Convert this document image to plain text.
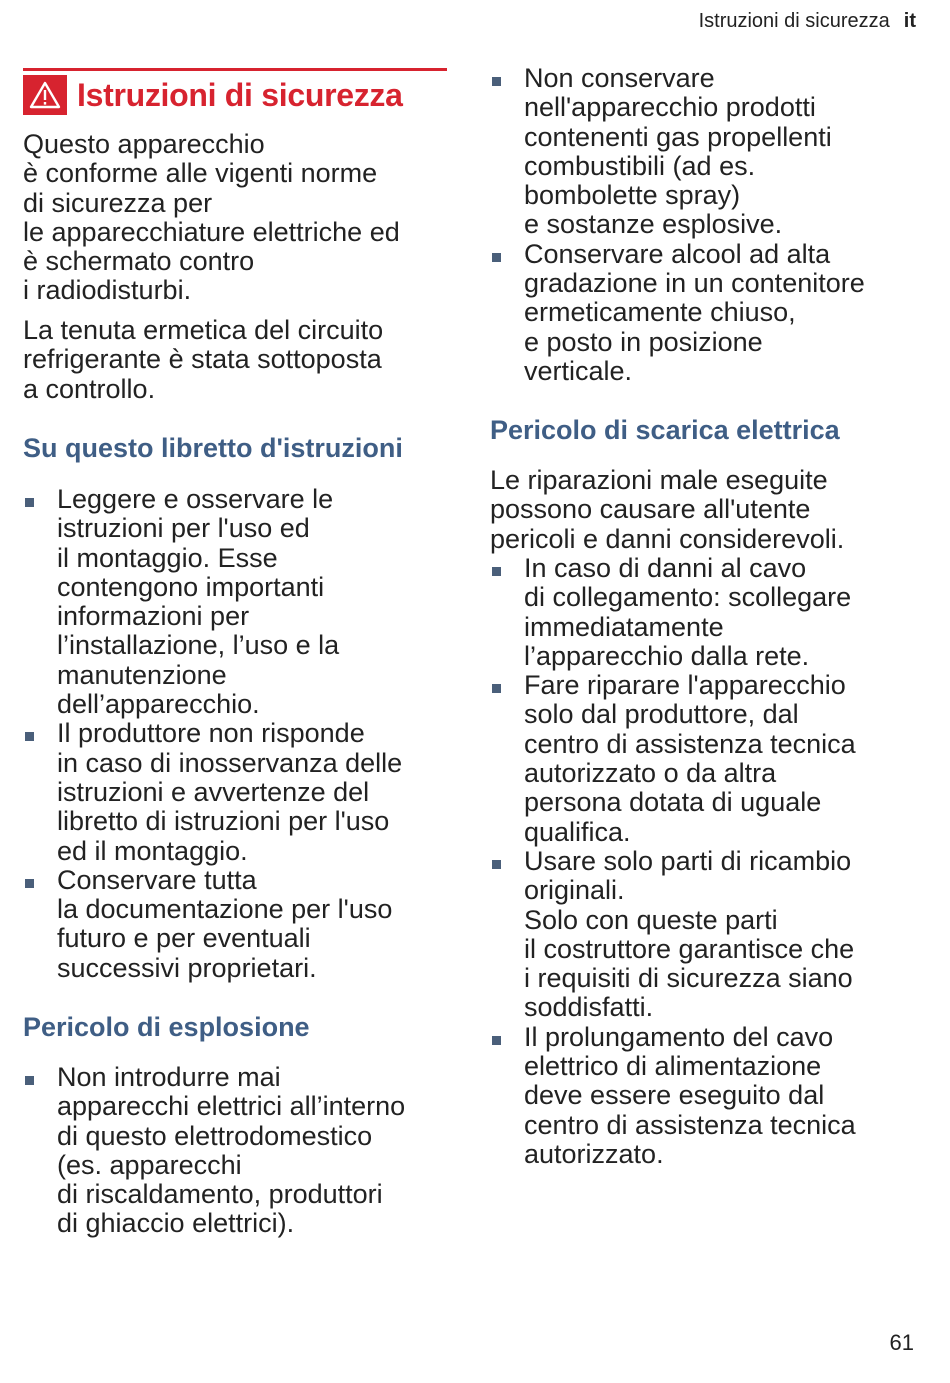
Istruzioni di sicurezza it
Istruzioni di sicurezza

Questo apparecchio
è conforme alle vigenti norme
di sicurezza per
le apparecchiature elettriche ed
è schermato contro
i radiodisturbi.

La tenuta ermetica del circuito
refrigerante è stata sottoposta
a controllo.

Su questo libretto d'istruzioni
Leggere e osservare le
istruzioni per l'uso ed
il montaggio. Esse
contengono importanti
informazioni per
l’installazione, l’uso e la
manutenzione
dell’apparecchio.
Il produttore non risponde
in caso di inosservanza delle
istruzioni e avvertenze del
libretto di istruzioni per l'uso
ed il montaggio.
Conservare tutta
la documentazione per l'uso
futuro e per eventuali
successivi proprietari.
Pericolo di esplosione
Non introdurre mai
apparecchi elettrici all’interno
di questo elettrodomestico
(es. apparecchi
di riscaldamento, produttori
di ghiaccio elettrici).
Non conservare
nell'apparecchio prodotti
contenenti gas propellenti
combustibili (ad es.
bombolette spray)
e sostanze esplosive.
Conservare alcool ad alta
gradazione in un contenitore
ermeticamente chiuso,
e posto in posizione
verticale.
Pericolo di scarica elettrica

Le riparazioni male eseguite
possono causare all'utente
pericoli e danni considerevoli.

In caso di danni al cavo
di collegamento: scollegare
immediatamente
l’apparecchio dalla rete.
Fare riparare l'apparecchio
solo dal produttore, dal
centro di assistenza tecnica
autorizzato o da altra
persona dotata di uguale
qualifica.
Usare solo parti di ricambio
originali.
Solo con queste parti
il costruttore garantisce che
i requisiti di sicurezza siano
soddisfatti.
Il prolungamento del cavo
elettrico di alimentazione
deve essere eseguito dal
centro di assistenza tecnica
autorizzato.
61
